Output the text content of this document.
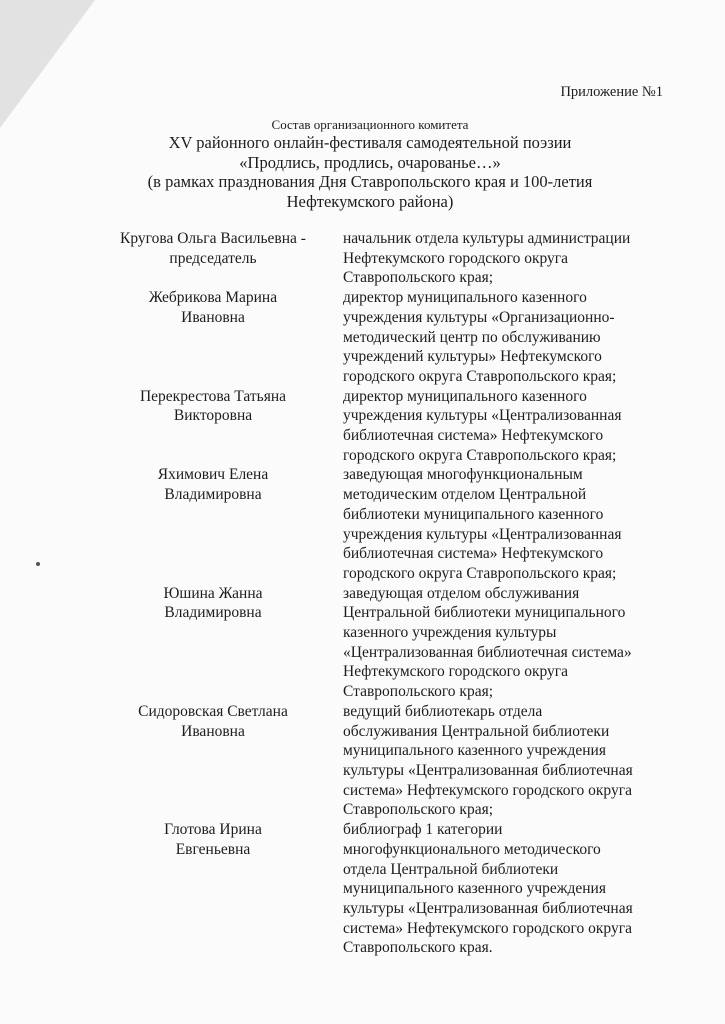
Приложение №1
Состав организационного комитета
XV районного онлайн-фестиваля самодеятельной поэзии
«Продлись, продлись, очарованье…»
(в рамках празднования Дня Ставропольского края и 100-летия
Нефтекумского района)
Кругова Ольга Васильевна -
председатель
начальник отдела культуры администрации
Нефтекумского городского округа
Ставропольского края;
Жебрикова Марина
Ивановна
директор муниципального казенного
учреждения культуры «Организационно-
методический центр по обслуживанию
учреждений культуры» Нефтекумского
городского округа Ставропольского края;
Перекрестова Татьяна
Викторовна
директор муниципального казенного
учреждения культуры «Централизованная
библиотечная система» Нефтекумского
городского округа Ставропольского края;
Яхимович Елена
Владимировна
заведующая многофункциональным
методическим отделом Центральной
библиотеки муниципального казенного
учреждения культуры «Централизованная
библиотечная система» Нефтекумского
городского округа Ставропольского края;
Юшина Жанна
Владимировна
заведующая отделом обслуживания
Центральной библиотеки муниципального
казенного учреждения культуры
«Централизованная библиотечная система»
Нефтекумского городского округа
Ставропольского края;
Сидоровская Светлана
Ивановна
ведущий библиотекарь отдела
обслуживания Центральной библиотеки
муниципального казенного учреждения
культуры «Централизованная библиотечная
система» Нефтекумского городского округа
Ставропольского края;
Глотова Ирина
Евгеньевна
библиограф 1 категории
многофункционального методического
отдела Центральной библиотеки
муниципального казенного учреждения
культуры «Централизованная библиотечная
система» Нефтекумского городского округа
Ставропольского края.
